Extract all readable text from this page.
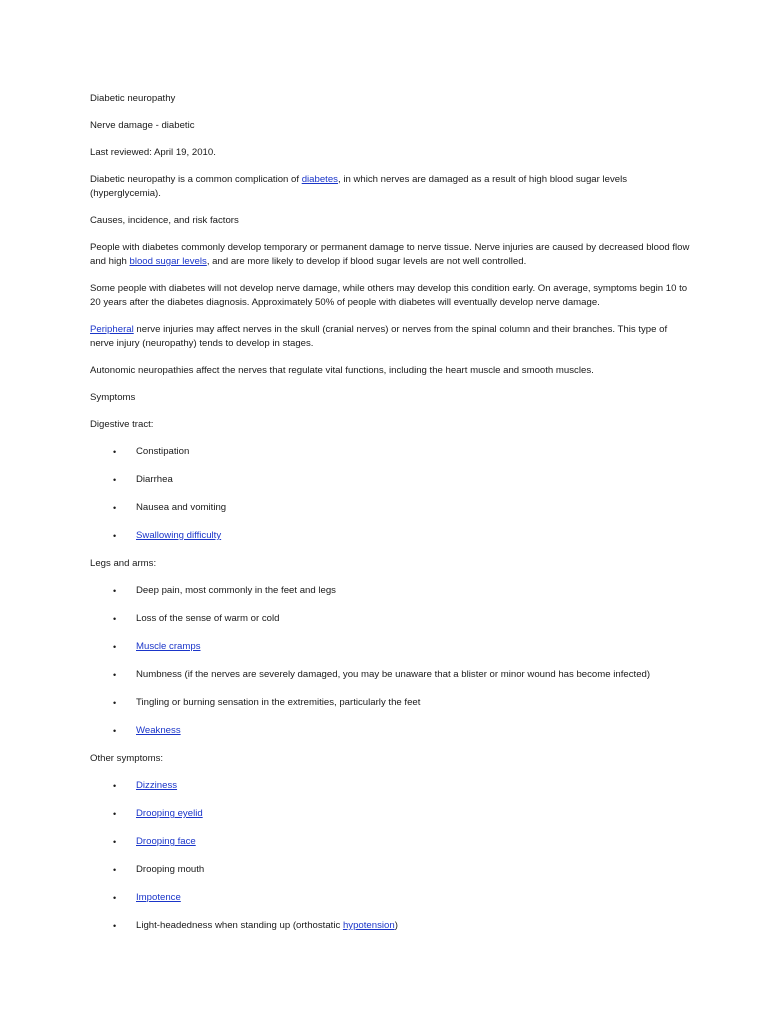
Diabetic neuropathy

Nerve damage - diabetic

Last reviewed: April 19, 2010.

Diabetic neuropathy is a common complication of diabetes, in which nerves are damaged as a result of high blood sugar levels (hyperglycemia).

Causes, incidence, and risk factors

People with diabetes commonly develop temporary or permanent damage to nerve tissue. Nerve injuries are caused by decreased blood flow and high blood sugar levels, and are more likely to develop if blood sugar levels are not well controlled.

Some people with diabetes will not develop nerve damage, while others may develop this condition early. On average, symptoms begin 10 to 20 years after the diabetes diagnosis. Approximately 50% of people with diabetes will eventually develop nerve damage.

Peripheral nerve injuries may affect nerves in the skull (cranial nerves) or nerves from the spinal column and their branches. This type of nerve injury (neuropathy) tends to develop in stages.

Autonomic neuropathies affect the nerves that regulate vital functions, including the heart muscle and smooth muscles.

Symptoms

Digestive tract:

• Constipation
• Diarrhea
• Nausea and vomiting
• Swallowing difficulty

Legs and arms:

• Deep pain, most commonly in the feet and legs
• Loss of the sense of warm or cold
• Muscle cramps
• Numbness (if the nerves are severely damaged, you may be unaware that a blister or minor wound has become infected)
• Tingling or burning sensation in the extremities, particularly the feet
• Weakness

Other symptoms:

• Dizziness
• Drooping eyelid
• Drooping face
• Drooping mouth
• Impotence
• Light-headedness when standing up (orthostatic hypotension)
